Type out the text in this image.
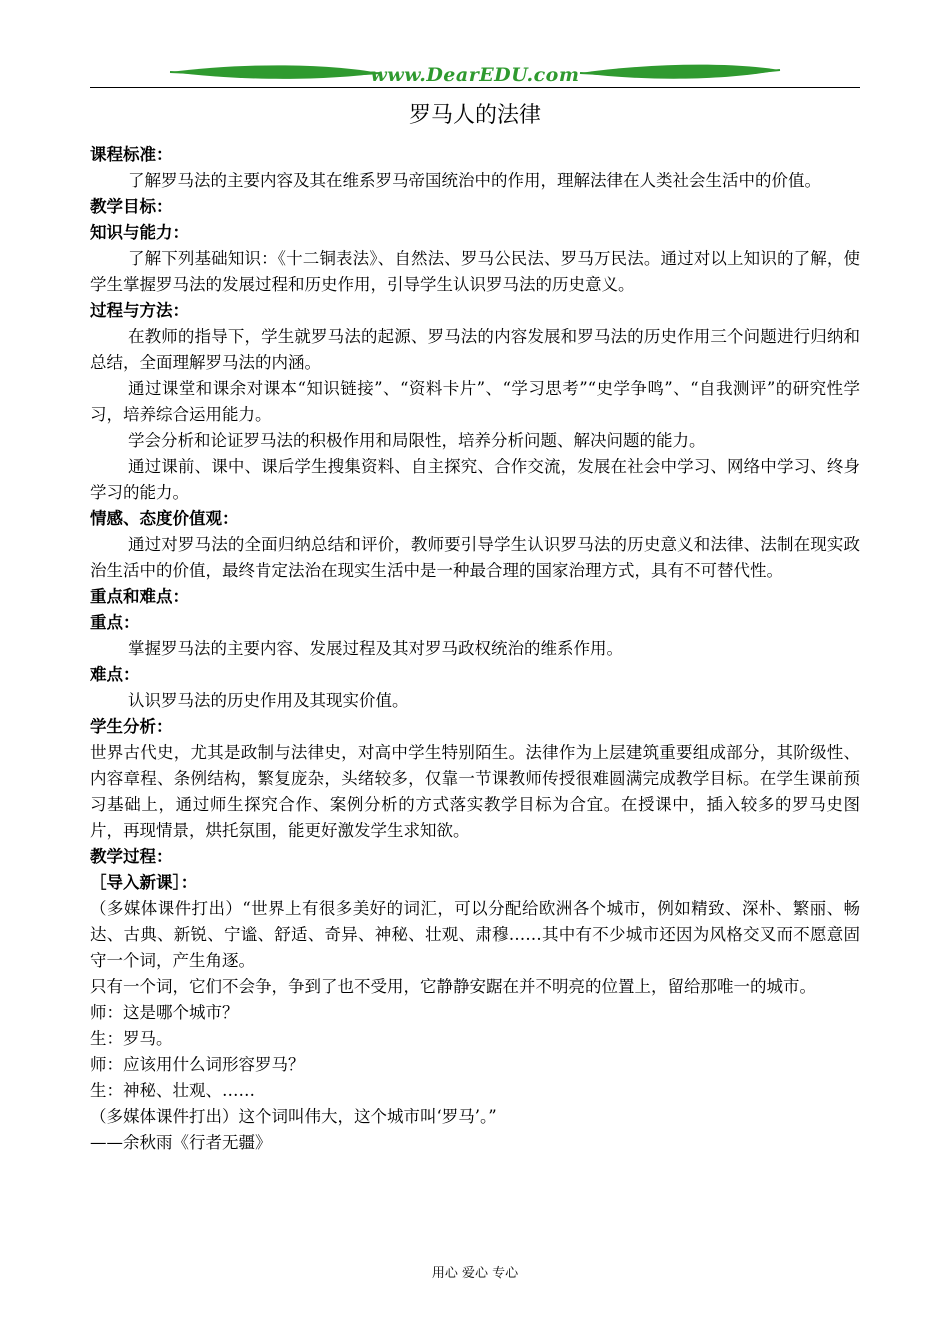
www.DearEDU.com
罗马人的法律

课程标准：

了解罗马法的主要内容及其在维系罗马帝国统治中的作用，理解法律在人类社会生活中的价值。

教学目标：

知识与能力：

了解下列基础知识：《十二铜表法》、自然法、罗马公民法、罗马万民法。通过对以上知识的了解，使学生掌握罗马法的发展过程和历史作用，引导学生认识罗马法的历史意义。

过程与方法：

在教师的指导下，学生就罗马法的起源、罗马法的内容发展和罗马法的历史作用三个问题进行归纳和总结，全面理解罗马法的内涵。

通过课堂和课余对课本“知识链接”、“资料卡片”、“学习思考”“史学争鸣”、“自我测评”的研究性学习，培养综合运用能力。

学会分析和论证罗马法的积极作用和局限性，培养分析问题、解决问题的能力。

通过课前、课中、课后学生搜集资料、自主探究、合作交流，发展在社会中学习、网络中学习、终身学习的能力。

情感、态度价值观：

通过对罗马法的全面归纳总结和评价，教师要引导学生认识罗马法的历史意义和法律、法制在现实政治生活中的价值，最终肯定法治在现实生活中是一种最合理的国家治理方式，具有不可替代性。

重点和难点：

重点：

掌握罗马法的主要内容、发展过程及其对罗马政权统治的维系作用。

难点：

认识罗马法的历史作用及其现实价值。

学生分析：

世界古代史，尤其是政制与法律史，对高中学生特别陌生。法律作为上层建筑重要组成部分，其阶级性、内容章程、条例结构，繁复庞杂，头绪较多，仅靠一节课教师传授很难圆满完成教学目标。在学生课前预习基础上，通过师生探究合作、案例分析的方式落实教学目标为合宜。在授课中，插入较多的罗马史图片，再现情景，烘托氛围，能更好激发学生求知欲。

教学过程：

［导入新课］：

（多媒体课件打出）“世界上有很多美好的词汇，可以分配给欧洲各个城市，例如精致、深朴、繁丽、畅达、古典、新锐、宁谧、舒适、奇异、神秘、壮观、肃穆……其中有不少城市还因为风格交叉而不愿意固守一个词，产生角逐。

只有一个词，它们不会争，争到了也不受用，它静静安踞在并不明亮的位置上，留给那唯一的城市。

师：这是哪个城市？

生：罗马。

师：应该用什么词形容罗马？

生：神秘、壮观、……

（多媒体课件打出）这个词叫伟大，这个城市叫‘罗马’。”

——余秋雨《行者无疆》

用心 爱心 专心
